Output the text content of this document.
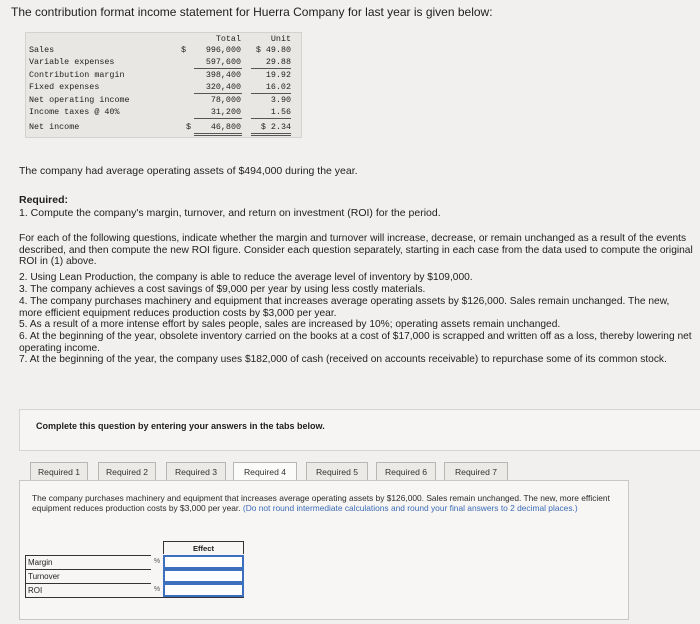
The contribution format income statement for Huerra Company for last year is given below:
Total	Unit
Sales	$	996,000	$ 49.80
Variable expenses	597,600	29.88
Contribution margin	398,400	19.92
Fixed expenses	320,400	16.02
Net operating income	78,000	3.90
Income taxes @ 40%	31,200	1.56
Net income	$	46,800	$ 2.34
The company had average operating assets of $494,000 during the year.
Required:
1. Compute the company's margin, turnover, and return on investment (ROI) for the period.
For each of the following questions, indicate whether the margin and turnover will increase, decrease, or remain unchanged as a result of the events described, and then compute the new ROI figure. Consider each question separately, starting in each case from the data used to compute the original ROI in (1) above.
2. Using Lean Production, the company is able to reduce the average level of inventory by $109,000.
3. The company achieves a cost savings of $9,000 per year by using less costly materials.
4. The company purchases machinery and equipment that increases average operating assets by $126,000. Sales remain unchanged. The new, more efficient equipment reduces production costs by $3,000 per year.
5. As a result of a more intense effort by sales people, sales are increased by 10%; operating assets remain unchanged.
6. At the beginning of the year, obsolete inventory carried on the books at a cost of $17,000 is scrapped and written off as a loss, thereby lowering net operating income.
7. At the beginning of the year, the company uses $182,000 of cash (received on accounts receivable) to repurchase some of its common stock.
Complete this question by entering your answers in the tabs below.
Required 1	Required 2	Required 3	Required 4	Required 5	Required 6	Required 7
The company purchases machinery and equipment that increases average operating assets by $126,000. Sales remain unchanged. The new, more efficient equipment reduces production costs by $3,000 per year. (Do not round intermediate calculations and round your final answers to 2 decimal places.)
Effect
Margin	%
Turnover
ROI	%
